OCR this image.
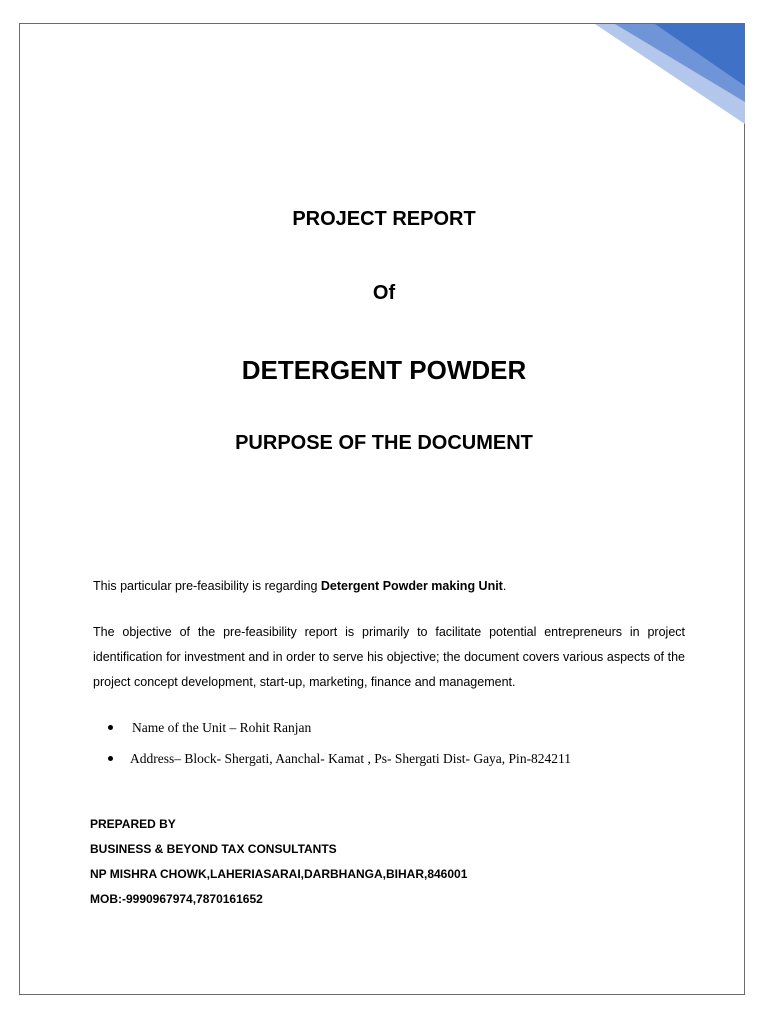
PROJECT REPORT
Of
DETERGENT POWDER
PURPOSE OF THE DOCUMENT

This particular pre-feasibility is regarding Detergent Powder making Unit.

The objective of the pre-feasibility report is primarily to facilitate potential entrepreneurs in project identification for investment and in order to serve his objective; the document covers various aspects of the project concept development, start-up, marketing, finance and management.

Name of the Unit – Rohit Ranjan
Address– Block- Shergati, Aanchal- Kamat , Ps- Shergati Dist- Gaya, Pin-824211
PREPARED BY
BUSINESS & BEYOND TAX CONSULTANTS
NP MISHRA CHOWK,LAHERIASARAI,DARBHANGA,BIHAR,846001
MOB:-9990967974,7870161652
